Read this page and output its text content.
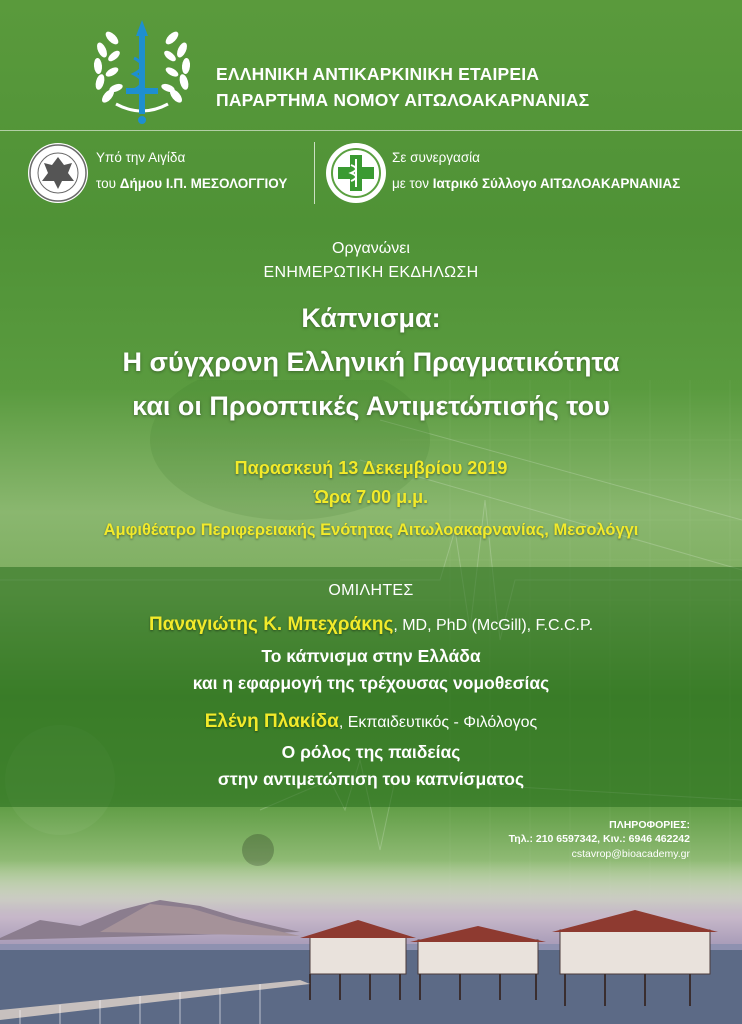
ΕΛΛΗΝΙΚΗ ΑΝΤΙΚΑΡΚΙΝΙΚΗ ΕΤΑΙΡΕΙΑ
ΠΑΡΑΡΤΗΜΑ ΝΟΜΟΥ ΑΙΤΩΛΟΑΚΑΡΝΑΝΙΑΣ
Υπό την Αιγίδα
του Δήμου Ι.Π. ΜΕΣΟΛΟΓΓΙΟΥ
Σε συνεργασία
με τον Ιατρικό Σύλλογο ΑΙΤΩΛΟΑΚΑΡΝΑΝΙΑΣ
Οργανώνει
ΕΝΗΜΕΡΩΤΙΚΗ ΕΚΔΗΛΩΣΗ
Κάπνισμα:
Η σύγχρονη Ελληνική Πραγματικότητα
και οι Προοπτικές Αντιμετώπισής του
Παρασκευή 13 Δεκεμβρίου 2019
Ώρα 7.00 μ.μ.
Αμφιθέατρο Περιφερειακής Ενότητας Αιτωλοακαρνανίας, Μεσολόγγι
ΟΜΙΛΗΤΕΣ
Παναγιώτης Κ. Μπεχράκης, MD, PhD (McGill), F.C.C.P.
Το κάπνισμα στην Ελλάδα
και η εφαρμογή της τρέχουσας νομοθεσίας
Ελένη Πλακίδα, Εκπαιδευτικός - Φιλόλογος
Ο ρόλος της παιδείας
στην αντιμετώπιση του καπνίσματος
ΠΛΗΡΟΦΟΡΙΕΣ:
Τηλ.: 210 6597342, Κιν.: 6946 462242
cstavrop@bioacademy.gr
